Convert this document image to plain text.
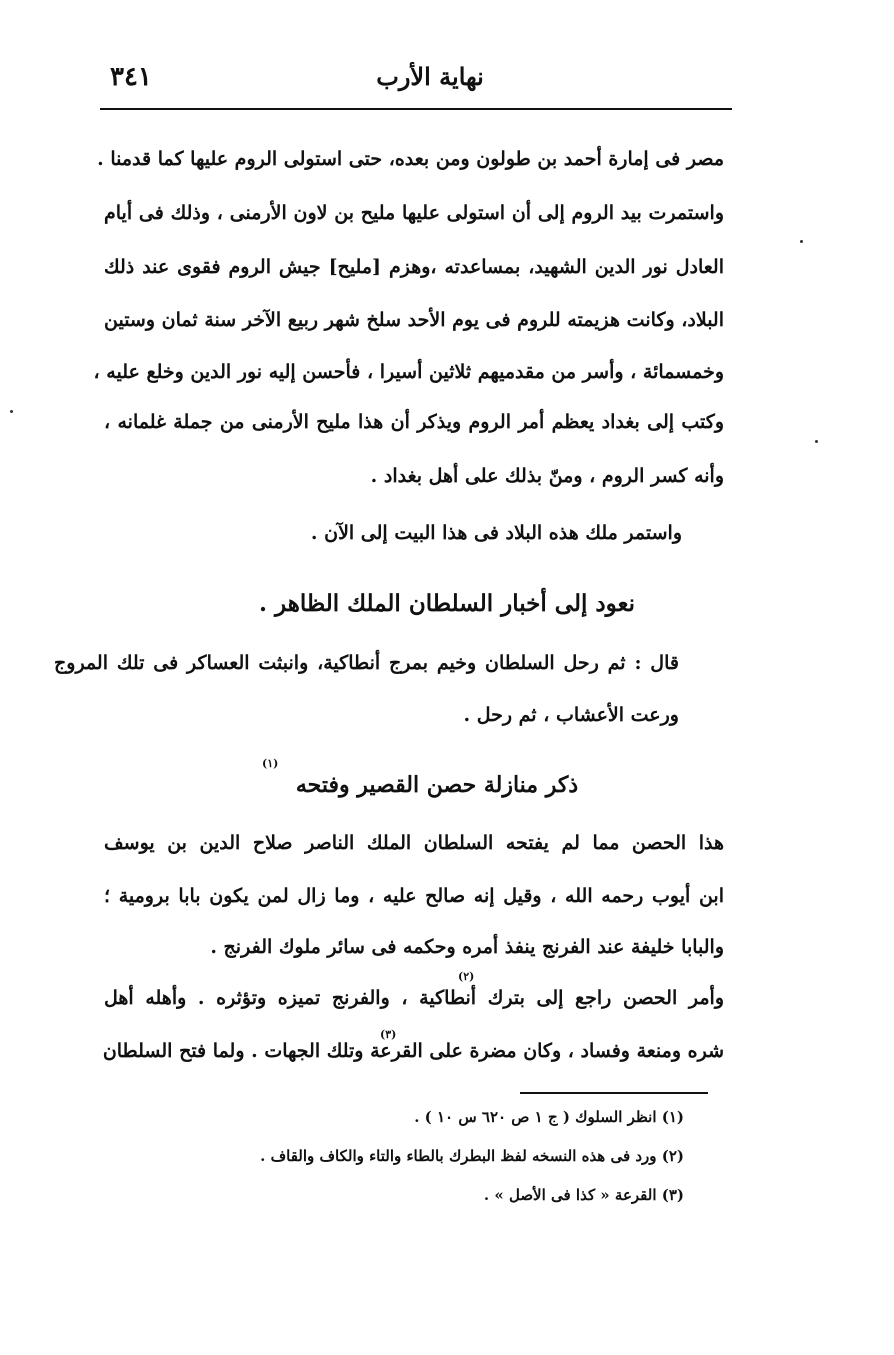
٣٤١	نهاية الأرب
مصر فى إمارة أحمد بن طولون ومن بعده، حتى استولى الروم عليها كما قدمنا .
واستمرت بيد الروم إلى أن استولى عليها مليح بن لاون الأرمنى ، وذلك فى أيام
العادل نور الدين الشهيد، بمساعدته ،وهزم [مليح] جيش الروم فقوى عند ذلك
البلاد، وكانت هزيمته للروم فى يوم الأحد سلخ شهر ربيع الآخر سنة ثمان وستين
وخمسمائة ، وأسر من مقدميهم ثلاثين أسيرا ، فأحسن إليه نور الدين وخلع عليه ،
وكتب إلى بغداد يعظم أمر الروم ويذكر أن هذا مليح الأرمنى من جملة غلمانه ،
وأنه كسر الروم ، ومنّ بذلك على أهل بغداد .
واستمر ملك هذه البلاد فى هذا البيت إلى الآن .
نعود إلى أخبار السلطان الملك الظاهر .
قال : ثم رحل السلطان وخيم بمرج أنطاكية، وانبثت العساكر فى تلك المروج
ورعت الأعشاب ، ثم رحل .
(١)
ذكر منازلة حصن القصير وفتحه
هذا الحصن مما لم يفتحه السلطان الملك الناصر صلاح الدين بن يوسف
ابن أيوب رحمه الله ، وقيل إنه صالح عليه ، وما زال لمن يكون بابا برومية ؛
والبابا خليفة عند الفرنج ينفذ أمره وحكمه فى سائر ملوك الفرنج .
(٢)
وأمر الحصن راجع إلى بترك أنطاكية ، والفرنج تميزه وتؤثره . وأهله أهل
(٣)
شره ومنعة وفساد ، وكان مضرة على القرعة وتلك الجهات . ولما فتح السلطان
(١) انظر السلوك ( ج ١ ص ٦٢٠ س ١٠ ) .
(٢) ورد فى هذه النسخه لفظ البطرك بالطاء والتاء والكاف والقاف .
(٣) القرعة « كذا فى الأصل » .
